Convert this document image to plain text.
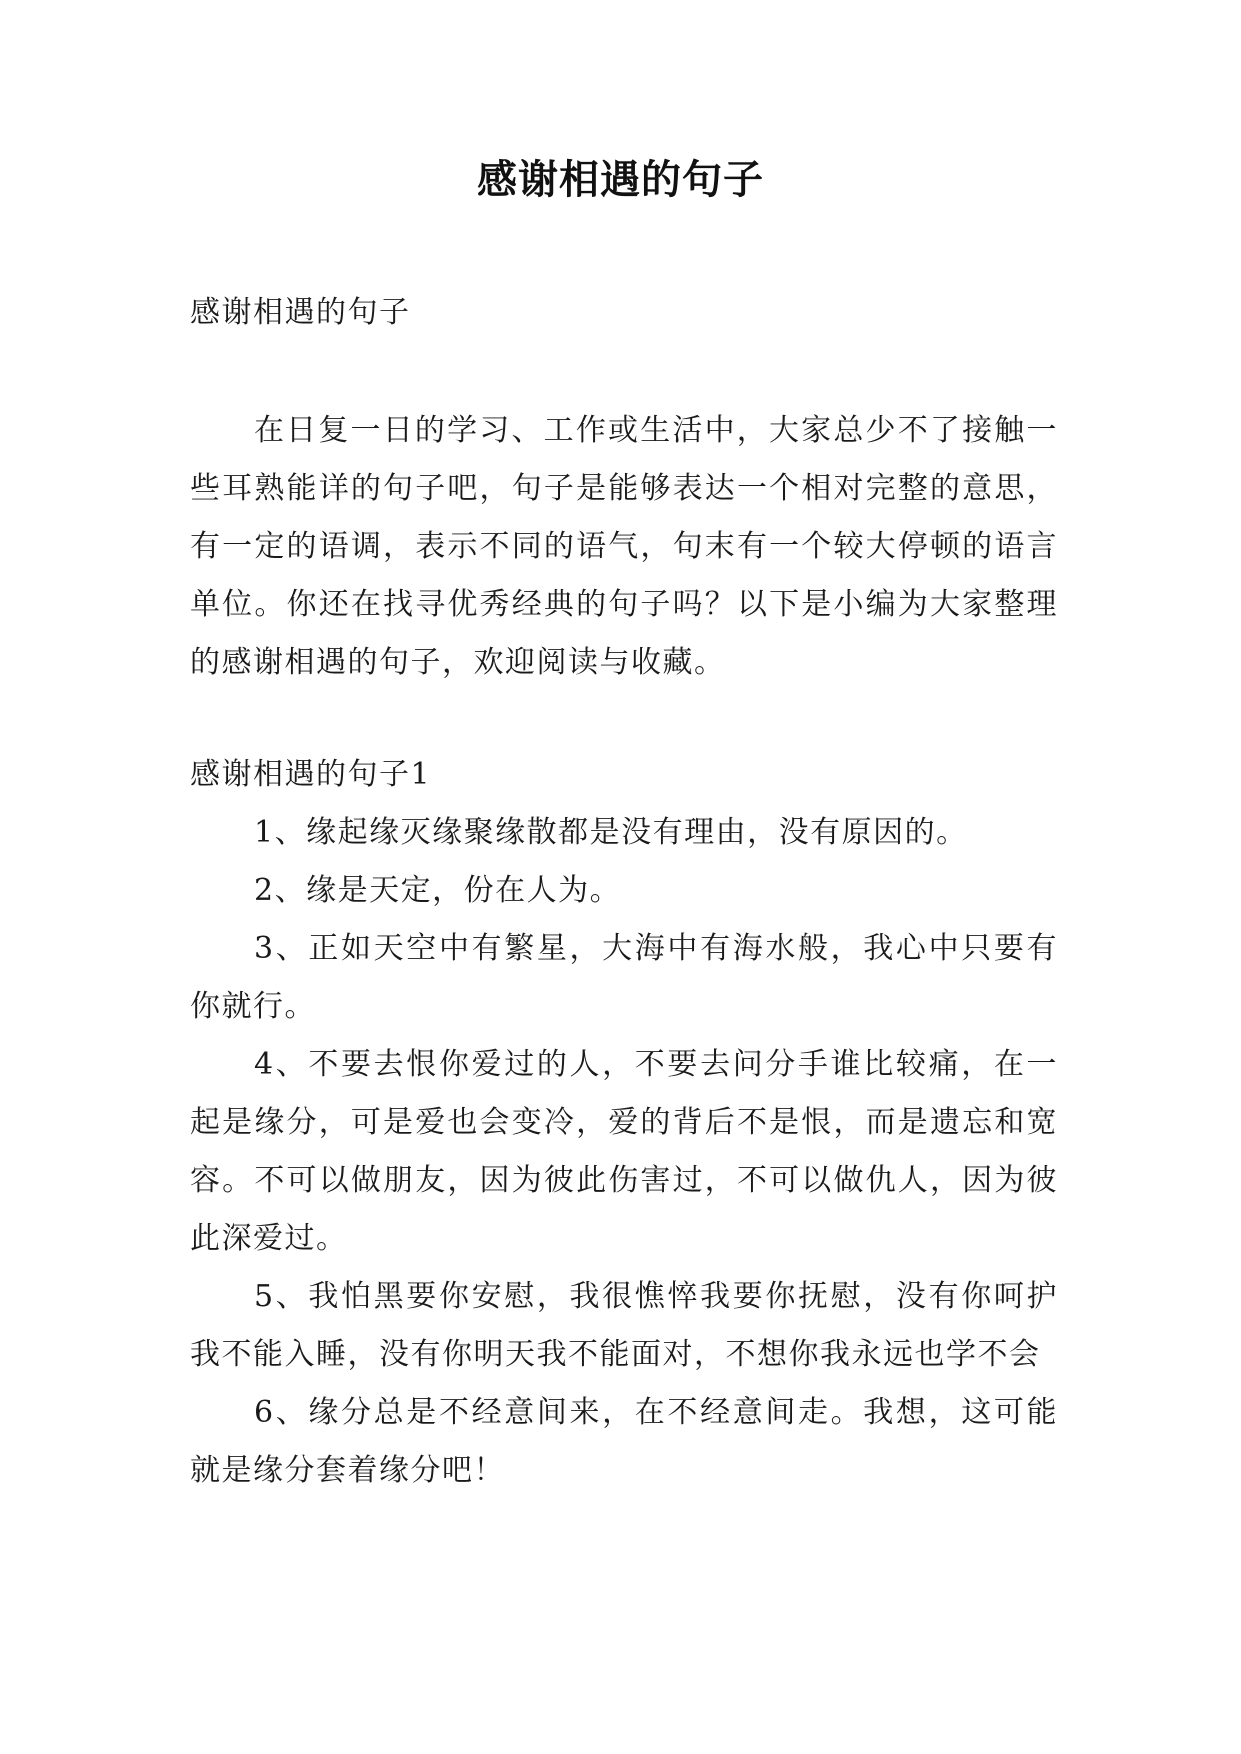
感谢相遇的句子

感谢相遇的句子

在日复一日的学习、工作或生活中，大家总少不了接触一些耳熟能详的句子吧，句子是能够表达一个相对完整的意思，有一定的语调，表示不同的语气，句末有一个较大停顿的语言单位。你还在找寻优秀经典的句子吗？以下是小编为大家整理的感谢相遇的句子，欢迎阅读与收藏。

感谢相遇的句子1

1、缘起缘灭缘聚缘散都是没有理由，没有原因的。

2、缘是天定，份在人为。

3、正如天空中有繁星，大海中有海水般，我心中只要有你就行。

4、不要去恨你爱过的人，不要去问分手谁比较痛，在一起是缘分，可是爱也会变冷，爱的背后不是恨，而是遗忘和宽容。不可以做朋友，因为彼此伤害过，不可以做仇人，因为彼此深爱过。

5、我怕黑要你安慰，我很憔悴我要你抚慰，没有你呵护我不能入睡，没有你明天我不能面对，不想你我永远也学不会

6、缘分总是不经意间来，在不经意间走。我想，这可能就是缘分套着缘分吧！
